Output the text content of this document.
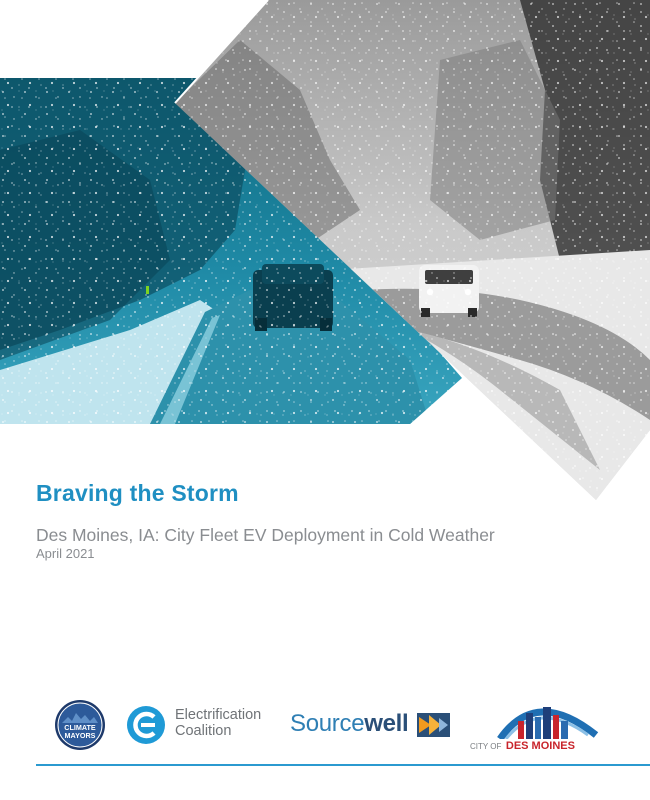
Braving the Storm
Des Moines, IA: City Fleet EV Deployment in Cold Weather
April 2021
CLIMATE
MAYORS
Electrification
Coalition	Sourcewell
CITY OF DES MOINES
